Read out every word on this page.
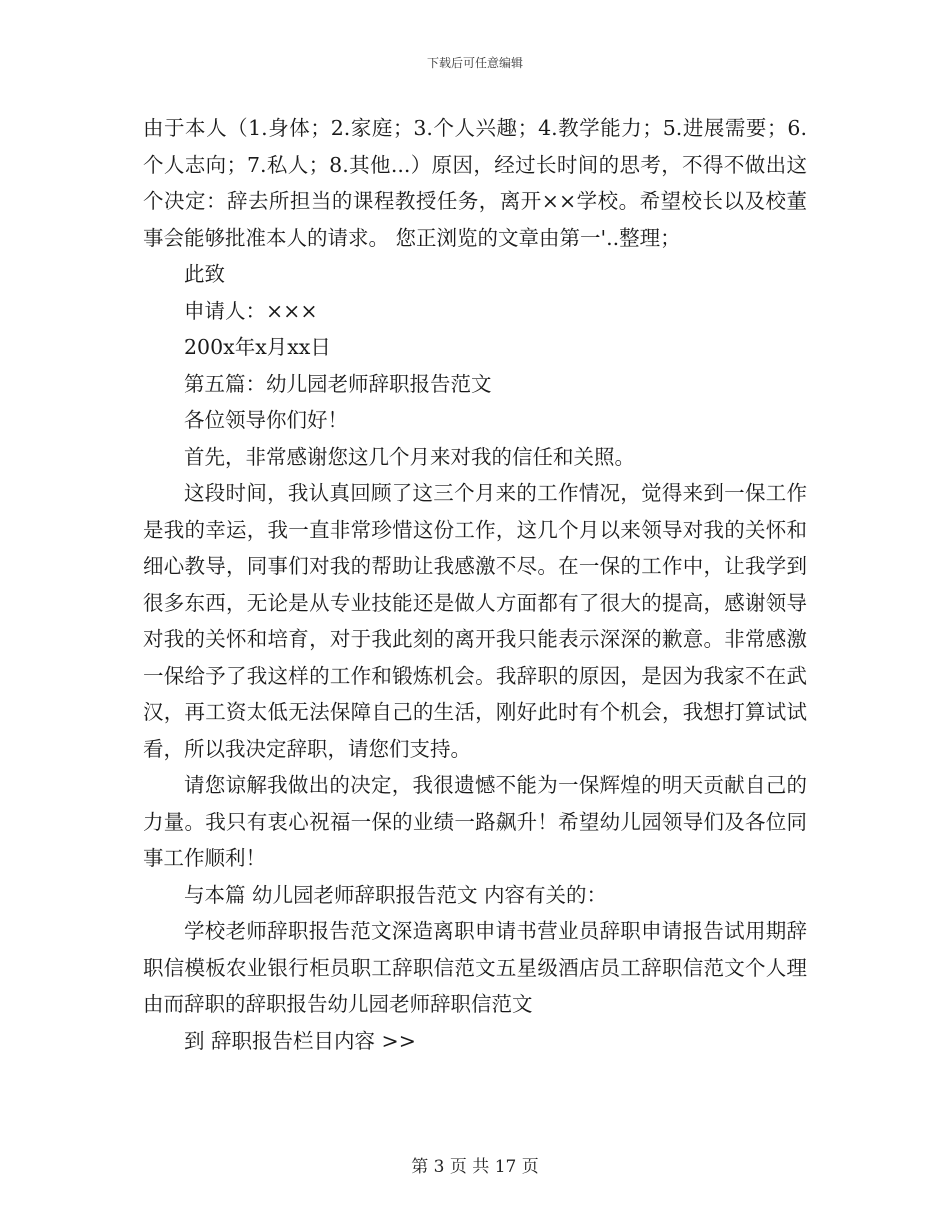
下载后可任意编辑

由于本人（1.身体；2.家庭；3.个人兴趣；4.教学能力；5.进展需要；6.个人志向；7.私人；8.其他...）原因，经过长时间的思考，不得不做出这个决定：辞去所担当的课程教授任务，离开××学校。希望校长以及校董事会能够批准本人的请求。 您正浏览的文章由第一'..整理；

此致

申请人：×××

200x年x月xx日

第五篇：幼儿园老师辞职报告范文

各位领导你们好！

首先，非常感谢您这几个月来对我的信任和关照。

这段时间，我认真回顾了这三个月来的工作情况，觉得来到一保工作是我的幸运，我一直非常珍惜这份工作，这几个月以来领导对我的关怀和细心教导，同事们对我的帮助让我感激不尽。在一保的工作中，让我学到很多东西，无论是从专业技能还是做人方面都有了很大的提高，感谢领导对我的关怀和培育，对于我此刻的离开我只能表示深深的歉意。非常感激一保给予了我这样的工作和锻炼机会。我辞职的原因，是因为我家不在武汉，再工资太低无法保障自己的生活，刚好此时有个机会，我想打算试试看，所以我决定辞职，请您们支持。

请您谅解我做出的决定，我很遗憾不能为一保辉煌的明天贡献自己的力量。我只有衷心祝福一保的业绩一路飙升！希望幼儿园领导们及各位同事工作顺利！

与本篇 幼儿园老师辞职报告范文 内容有关的：

学校老师辞职报告范文深造离职申请书营业员辞职申请报告试用期辞职信模板农业银行柜员职工辞职信范文五星级酒店员工辞职信范文个人理由而辞职的辞职报告幼儿园老师辞职信范文

到 辞职报告栏目内容 >>

第 3 页 共 17 页
